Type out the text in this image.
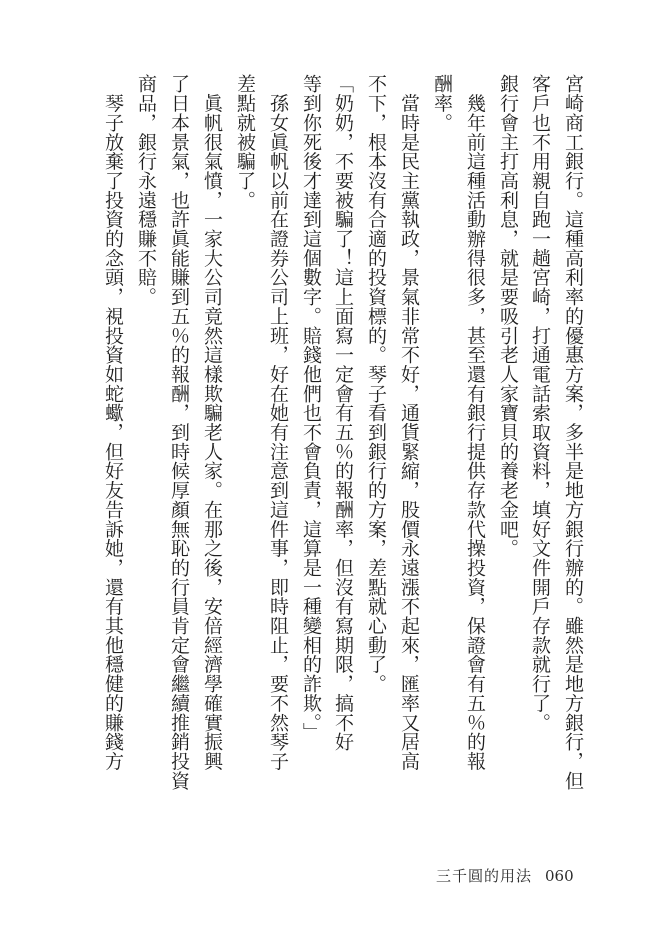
宮崎商工銀行。這種高利率的優惠方案，多半是地方銀行辦的。雖然是地方銀行，但
客戶也不用親自跑一趟宮崎，打通電話索取資料，填好文件開戶存款就行了。
銀行會主打高利息，就是要吸引老人家寶貝的養老金吧。
　幾年前這種活動辦得很多，甚至還有銀行提供存款代操投資，保證會有五％的報
酬率。
　當時是民主黨執政，景氣非常不好，通貨緊縮，股價永遠漲不起來，匯率又居高
不下，根本沒有合適的投資標的。琴子看到銀行的方案，差點就心動了。
「奶奶，不要被騙了！這上面寫一定會有五％的報酬率，但沒有寫期限，搞不好
等到你死後才達到這個數字。賠錢他們也不會負責，這算是一種變相的詐欺。」
　孫女眞帆以前在證券公司上班，好在她有注意到這件事，即時阻止，要不然琴子
差點就被騙了。
　眞帆很氣憤，一家大公司竟然這樣欺騙老人家。在那之後，安倍經濟學確實振興
了日本景氣，也許眞能賺到五％的報酬，到時候厚顏無恥的行員肯定會繼續推銷投資
商品，銀行永遠穩賺不賠。
　琴子放棄了投資的念頭，視投資如蛇蠍，但好友告訴她，還有其他穩健的賺錢方
三千圓的用法 060
